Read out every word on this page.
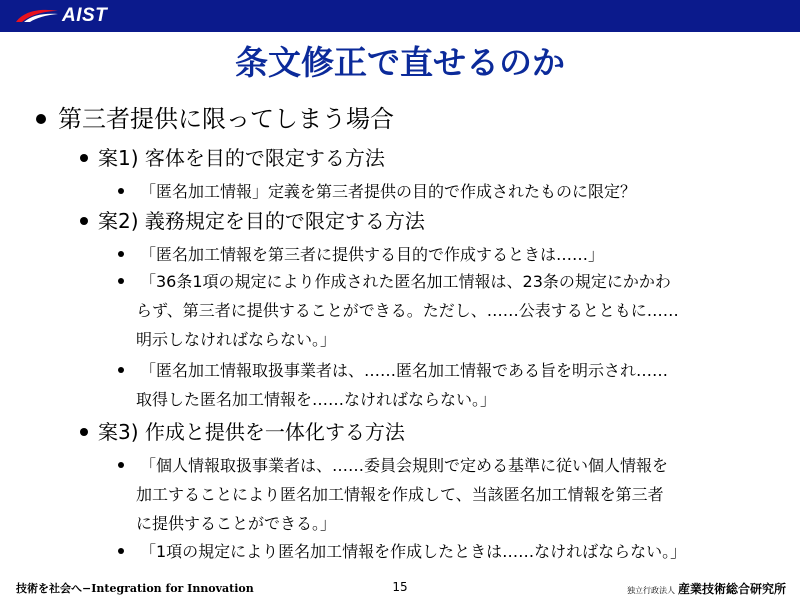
AIST
条文修正で直せるのか
第三者提供に限ってしまう場合
案1) 客体を目的で限定する方法
「匿名加工情報」定義を第三者提供の目的で作成されたものに限定？
案2) 義務規定を目的で限定する方法
「匿名加工情報を第三者に提供する目的で作成するときは……」
「36条1項の規定により作成された匿名加工情報は、23条の規定にかかわ
らず、第三者に提供することができる。ただし、……公表するとともに……
明示しなければならない。」
「匿名加工情報取扱事業者は、……匿名加工情報である旨を明示され……
取得した匿名加工情報を……なければならない。」
案3) 作成と提供を一体化する方法
「個人情報取扱事業者は、……委員会規則で定める基準に従い個人情報を
加工することにより匿名加工情報を作成して、当該匿名加工情報を第三者
に提供することができる。」
「1項の規定により匿名加工情報を作成したときは……なければならない。」
技術を社会へ−Integration for Innovation	15	独立行政法人 産業技術総合研究所
